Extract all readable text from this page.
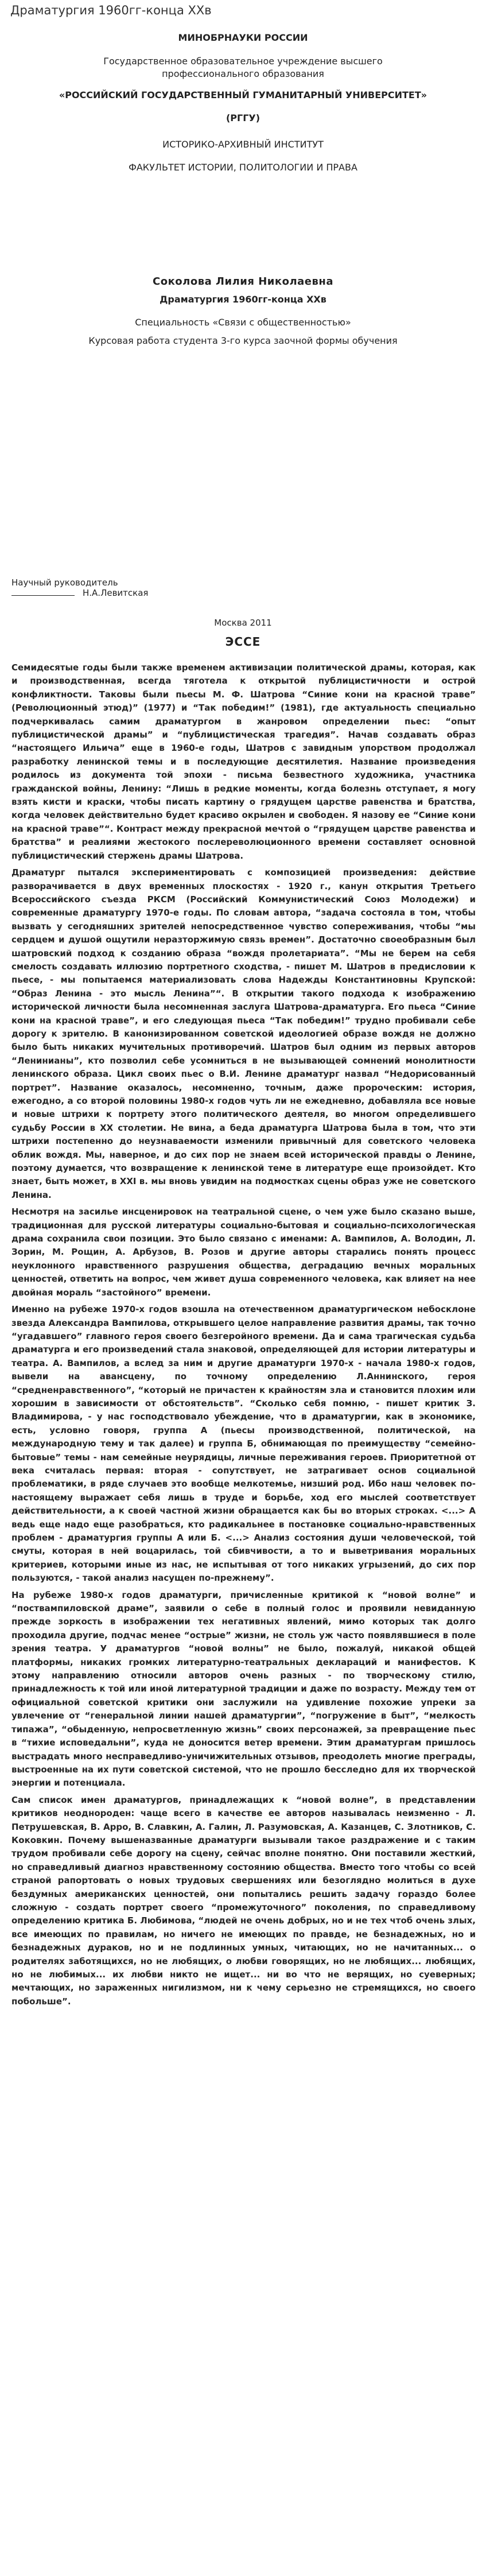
Драматургия 1960гг-конца ХХв
МИНОБРНАУКИ РОССИИ
Государственное образовательное учреждение высшего
профессионального образования
«РОССИЙСКИЙ ГОСУДАРСТВЕННЫЙ ГУМАНИТАРНЫЙ УНИВЕРСИТЕТ»
(РГГУ)
ИСТОРИКО-АРХИВНЫЙ ИНСТИТУТ
ФАКУЛЬТЕТ ИСТОРИИ, ПОЛИТОЛОГИИ И ПРАВА
Соколова Лилия Николаевна
Драматургия 1960гг-конца ХХв
Специальность «Связи с общественностью»
Курсовая работа студента 3-го курса заочной формы обучения
Научный руководитель
Н.А.Левитская
Москва 2011
ЭССЕ

Семидесятые годы были также временем активизации политической драмы, которая, как и производственная, всегда тяготела к открытой публицистичности и острой конфликтности. Таковы были пьесы М. Ф. Шатрова “Синие кони на красной траве” (Революционный этюд)” (1977) и “Так победим!” (1981), где актуальность специально подчеркивалась самим драматургом в жанровом определении пьес: “опыт публицистической драмы” и “публицистическая трагедия”. Начав создавать образ “настоящего Ильича” еще в 1960-е годы, Шатров с завидным упорством продолжал разработку ленинской темы и в последующие десятилетия. Название произведения родилось из документа той эпохи - письма безвестного художника, участника гражданской войны, Ленину: “Лишь в редкие моменты, когда болезнь отступает, я могу взять кисти и краски, чтобы писать картину о грядущем царстве равенства и братства, когда человек действительно будет красиво окрылен и свободен. Я назову ее “Синие кони на красной траве”“. Контраст между прекрасной мечтой о “грядущем царстве равенства и братства” и реалиями жестокого послереволюционного времени составляет основной публицистический стержень драмы Шатрова.

Драматург пытался экспериментировать с композицией произведения: действие разворачивается в двух временных плоскостях - 1920 г., канун открытия Третьего Всероссийского съезда РКСМ (Российский Коммунистический Союз Молодежи) и современные драматургу 1970-е годы. По словам автора, “задача состояла в том, чтобы вызвать у сегодняшних зрителей непосредственное чувство сопереживания, чтобы “мы сердцем и душой ощутили неразторжимую связь времен”. Достаточно своеобразным был шатровский подход к созданию образа “вождя пролетариата”. “Мы не берем на себя смелость создавать иллюзию портретного сходства, - пишет М. Шатров в предисловии к пьесе, - мы попытаемся материализовать слова Надежды Константиновны Крупской: “Образ Ленина - это мысль Ленина”“. В открытии такого подхода к изображению исторической личности была несомненная заслуга Шатрова-драматурга. Его пьеса “Синие кони на красной траве”, и его следующая пьеса “Так победим!” трудно пробивали себе дорогу к зрителю. В канонизированном советской идеологией образе вождя не должно было быть никаких мучительных противоречий. Шатров был одним из первых авторов “Ленинианы”, кто позволил себе усомниться в не вызывающей сомнений монолитности ленинского образа. Цикл своих пьес о В.И. Ленине драматург назвал “Недорисованный портрет”. Название оказалось, несомненно, точным, даже пророческим: история, ежегодно, а со второй половины 1980-х годов чуть ли не ежедневно, добавляла все новые и новые штрихи к портрету этого политического деятеля, во многом определившего судьбу России в ХХ столетии. Не вина, а беда драматурга Шатрова была в том, что эти штрихи постепенно до неузнаваемости изменили привычный для советского человека облик вождя. Мы, наверное, и до сих пор не знаем всей исторической правды о Ленине, поэтому думается, что возвращение к ленинской теме в литературе еще произойдет. Кто знает, быть может, в ХХI в. мы вновь увидим на подмостках сцены образ уже не советского Ленина.

Несмотря на засилье инсценировок на театральной сцене, о чем уже было сказано выше, традиционная для русской литературы социально-бытовая и социально-психологическая драма сохранила свои позиции. Это было связано с именами: А. Вампилов, А. Володин, Л. Зорин, М. Рощин, А. Арбузов, В. Розов и другие авторы старались понять процесс неуклонного нравственного разрушения общества, деградацию вечных моральных ценностей, ответить на вопрос, чем живет душа современного человека, как влияет на нее двойная мораль “застойного” времени.

Именно на рубеже 1970-х годов взошла на отечественном драматургическом небосклоне звезда Александра Вампилова, открывшего целое направление развития драмы, так точно “угадавшего” главного героя своего безгеройного времени. Да и сама трагическая судьба драматурга и его произведений стала знаковой, определяющей для истории литературы и театра. А. Вампилов, а вслед за ним и другие драматурги 1970-х - начала 1980-х годов, вывели на авансцену, по точному определению Л.Аннинского, героя “средненравственного”, “который не причастен к крайностям зла и становится плохим или хорошим в зависимости от обстоятельств”. “Сколько себя помню, - пишет критик З. Владимирова, - у нас господствовало убеждение, что в драматургии, как в экономике, есть, условно говоря, группа А (пьесы производственной, политической, на международную тему и так далее) и группа Б, обнимающая по преимуществу “семейно-бытовые” темы - нам семейные неурядицы, личные переживания героев. Приоритетной от века считалась первая: вторая - сопутствует, не затрагивает основ социальной проблематики, в ряде случаев это вообще мелкотемье, низший род. Ибо наш человек по-настоящему выражает себя лишь в труде и борьбе, ход его мыслей соответствует действительности, а к своей частной жизни обращается как бы во вторых строках. <...> А ведь еще надо еще разобраться, кто радикальнее в постановке социально-нравственных проблем - драматургия группы А или Б. <...> Анализ состояния души человеческой, той смуты, которая в ней воцарилась, той сбивчивости, а то и выветривания моральных критериев, которыми иные из нас, не испытывая от того никаких угрызений, до сих пор пользуются, - такой анализ насущен по-прежнему”.

На рубеже 1980-х годов драматурги, причисленные критикой к “новой волне” и “поствампиловской драме”, заявили о себе в полный голос и проявили невиданную прежде зоркость в изображении тех негативных явлений, мимо которых так долго проходила другие, подчас менее “острые” жизни, не столь уж часто появлявшиеся в поле зрения театра. У драматургов “новой волны” не было, пожалуй, никакой общей платформы, никаких громких литературно-театральных деклараций и манифестов. К этому направлению относили авторов очень разных - по творческому стилю, принадлежность к той или иной литературной традиции и даже по возрасту. Между тем от официальной советской критики они заслужили на удивление похожие упреки за увлечение от “генеральной линии нашей драматургии”, “погружение в быт”, “мелкость типажа”, “обыденную, непросветленную жизнь” своих персонажей, за превращение пьес в “тихие исповедальни”, куда не доносится ветер времени. Этим драматургам пришлось выстрадать много несправедливо-уничижительных отзывов, преодолеть многие преграды, выстроенные на их пути советской системой, что не прошло бесследно для их творческой энергии и потенциала.

Сам список имен драматургов, принадлежащих к “новой волне”, в представлении критиков неоднороден: чаще всего в качестве ее авторов называлась неизменно - Л. Петрушевская, В. Арро, В. Славкин, А. Галин, Л. Разумовская, А. Казанцев, С. Злотников, С. Коковкин. Почему вышеназванные драматурги вызывали такое раздражение и с таким трудом пробивали себе дорогу на сцену, сейчас вполне понятно. Они поставили жесткий, но справедливый диагноз нравственному состоянию общества. Вместо того чтобы со всей страной рапортовать о новых трудовых свершениях или безоглядно молиться в духе бездумных американских ценностей, они попытались решить задачу гораздо более сложную - создать портрет своего “промежуточного” поколения, по справедливому определению критика Б. Любимова, “людей не очень добрых, но и не тех чтоб очень злых, все имеющих по правилам, но ничего не имеющих по правде, не безнадежных, но и безнадежных дураков, но и не подлинных умных, читающих, но не начитанных... о родителях заботящихся, но не любящих, о любви говорящих, но не любящих... любящих, но не любимых... их любви никто не ищет... ни во что не верящих, но суеверных; мечтающих, но зараженных нигилизмом, ни к чему серьезно не стремящихся, но своего побольше”.
